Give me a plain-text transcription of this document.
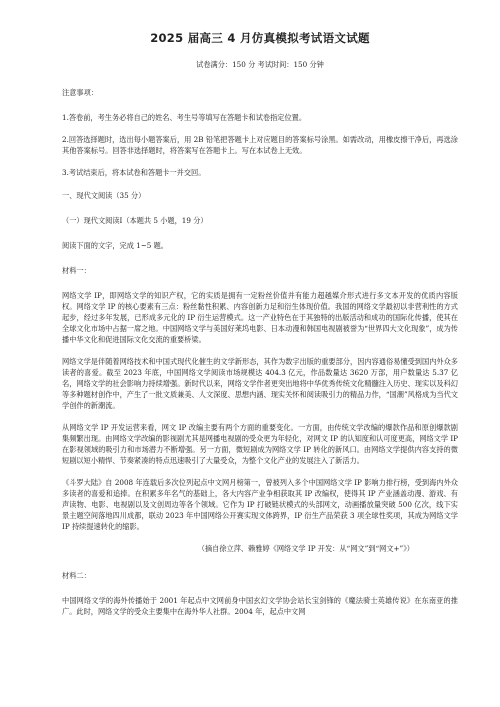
2025 届高三 4 月仿真模拟考试语文试题
试卷满分：150 分 考试时间：150 分钟
注意事项：
1.答卷前，考生务必将自己的姓名、考生号等填写在答题卡和试卷指定位置。
2.回答选择题时，选出每小题答案后，用 2B 铅笔把答题卡上对应题目的答案标号涂黑。如需改动，用橡皮擦干净后，再选涂其他答案标号。回答非选择题时，将答案写在答题卡上。写在本试卷上无效。
3.考试结束后，将本试卷和答题卡一并交回。
一、现代文阅读（35 分）
（一）现代文阅读Ⅰ（本题共 5 小题，19 分）
阅读下面的文字，完成 1~5 题。
材料一：
网络文学 IP，即网络文学的知识产权，它的实质是拥有一定粉丝价值并有能力超越媒介形式进行多文本开发的优质内容版权。网络文学 IP 的核心要素有三点：粉丝黏性积累、内容创新力足和衍生体现价值。我国的网络文学最初以非营利性的方式起步，经过多年发展，已形成多元化的 IP 衍生运营模式。这一产业特色在于其独特的出版活动和成功的国际化传播，使其在全球文化市场中占据一席之地。中国网络文学与美国好莱坞电影、日本动漫和韩国电视剧被誉为“世界四大文化现象”，成为传播中华文化和促进国际文化交流的重要桥梁。
网络文学是伴随着网络技术和中国式现代化催生的文学新形态，其作为数字出版的重要部分，因内容通俗易懂受到国内外众多读者的喜爱。截至 2023 年底，中国网络文学阅读市场规模达 404.3 亿元，作品数量达 3620 万部，用户数量达 5.37 亿名，网络文学的社会影响力持续增强。新时代以来，网络文学作者更突出地将中华优秀传统文化精髓注入历史、现实以及科幻等多种题材创作中，产生了一批文质兼美、人文深度、思想内涵、现实关怀和阅读吸引力的精品力作，“国潮”风格成为当代文学创作的新潮流。
从网络文学 IP 开发运营来看，网文 IP 改编主要有两个方面的重要变化。一方面，由传统文学改编的爆款作品和原创爆款剧集频繁出现。由网络文学改编的影视剧尤其是网播电视剧的受众更为年轻化，对网文 IP 的认知度和认可度更高，网络文学 IP 在影视领域的吸引力和市场潜力不断增强。另一方面，微短剧成为网络文学 IP 转化的新风口。由网络文学提供内容支持的微短剧以短小精悍、节奏紧凑的特点迅速吸引了大量受众，为整个文化产业的发展注入了新活力。
《斗罗大陆》自 2008 年连载后多次位列起点中文网月榜第一，曾被列入多个中国网络文学 IP 影响力排行榜，受到海内外众多读者的喜爱和追捧。在积累多年名气的基础上，各大内容产业争相获取其 IP 改编权，使得其 IP 产业涵盖动漫、游戏、有声读物、电影、电视剧以及文创周边等各个领域。它作为 IP 打破链状模式的头部网文，动画播放量突破 500 亿次，线下实景主题空间落地四川成都，联动 2023 年中国网络公开赛实现文体跨界，IP 衍生产品荣获 3 项全球性奖项，其成为网络文学 IP 持续提速转化的缩影。
（摘自徐立萍、赖雅婷《网络文学 IP 开发：从“网文”到“网文+”》）
材料二：
中国网络文学的海外传播始于 2001 年起点中文网前身中国玄幻文学协会站长宝剑锋的《魔法骑士英雄传说》在东南亚的推广。此时，网络文学的受众主要集中在海外华人社群。2004 年，起点中文网
